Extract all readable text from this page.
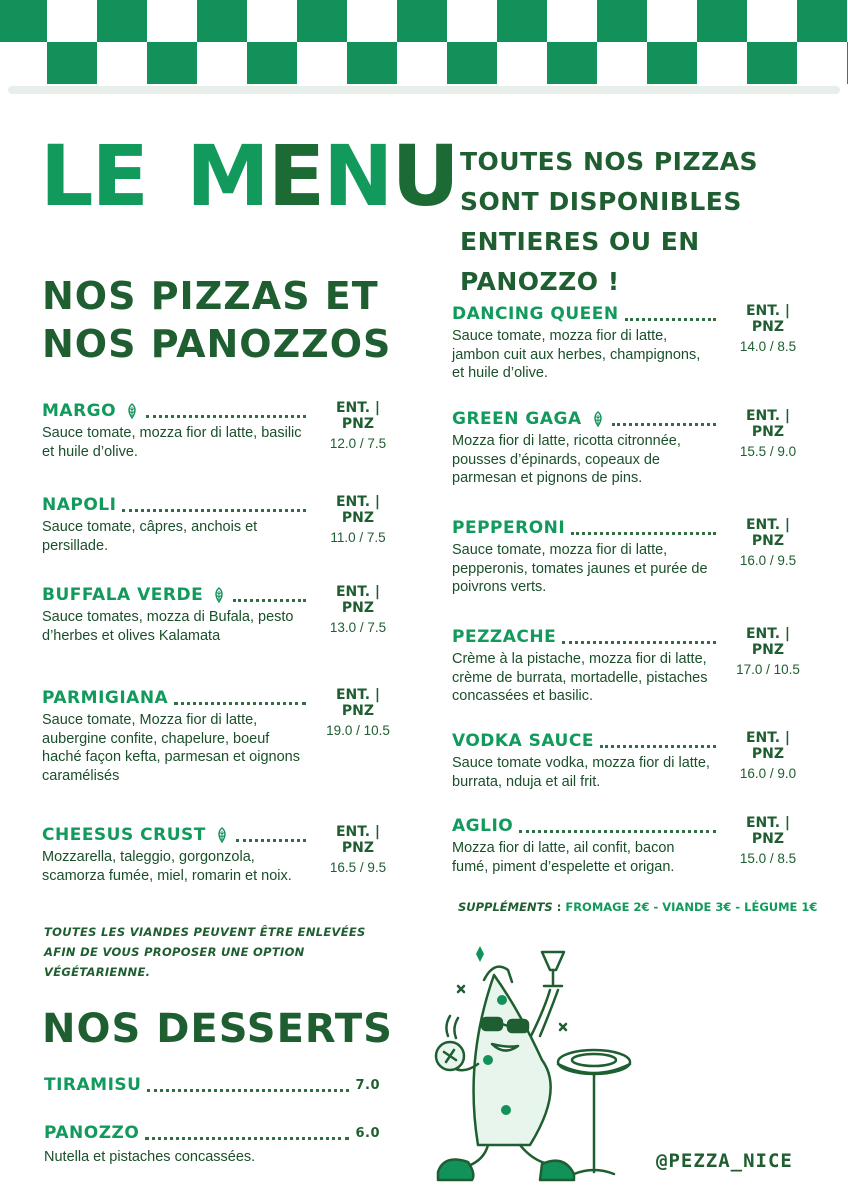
LE MENU TOUTES NOS PIZZAS SONT DISPONIBLES ENTIERES OU EN PANOZZO !
NOS PIZZAS ET NOS PANOZZOS
MARGO
Sauce tomate, mozza fior di latte, basilic et huile d’olive.
ENT. | PNZ
12.0 / 7.5
NAPOLI
Sauce tomate, câpres, anchois et persillade.
ENT. | PNZ
11.0 / 7.5
BUFFALA VERDE
Sauce tomates, mozza di Bufala, pesto d’herbes et olives Kalamata
ENT. | PNZ
13.0 / 7.5
PARMIGIANA
Sauce tomate, Mozza fior di latte, aubergine confite, chapelure, boeuf haché façon kefta, parmesan et oignons caramélisés
ENT. | PNZ
19.0 / 10.5
CHEESUS CRUST
Mozzarella, taleggio, gorgonzola, scamorza fumée, miel, romarin et noix.
ENT. | PNZ
16.5 / 9.5
DANCING QUEEN
Sauce tomate, mozza fior di latte, jambon cuit aux herbes, champignons, et huile d’olive.
ENT. | PNZ
14.0 / 8.5
GREEN GAGA
Mozza fior di latte, ricotta citronnée, pousses d’épinards, copeaux de parmesan et pignons de pins.
ENT. | PNZ
15.5 / 9.0
PEPPERONI
Sauce tomate, mozza fior di latte, pepperonis, tomates jaunes et purée de poivrons verts.
ENT. | PNZ
16.0 / 9.5
PEZZACHE
Crème à la pistache, mozza fior di latte, crème de burrata, mortadelle, pistaches concassées et basilic.
ENT. | PNZ
17.0 / 10.5
VODKA SAUCE
Sauce tomate vodka, mozza fior di latte, burrata, nduja et ail frit.
ENT. | PNZ
16.0 / 9.0
AGLIO
Mozza fior di latte, ail confit, bacon fumé, piment d’espelette et origan.
ENT. | PNZ
15.0 / 8.5
TOUTES LES VIANDES PEUVENT ÊTRE ENLEVÉES AFIN DE VOUS PROPOSER UNE OPTION VÉGÉTARIENNE.
SUPPLÉMENTS : FROMAGE 2€ - VIANDE 3€ - LÉGUME 1€
NOS DESSERTS
TIRAMISU	7.0
PANOZZO	6.0
Nutella et pistaches concassées.	@PEZZA_NICE
